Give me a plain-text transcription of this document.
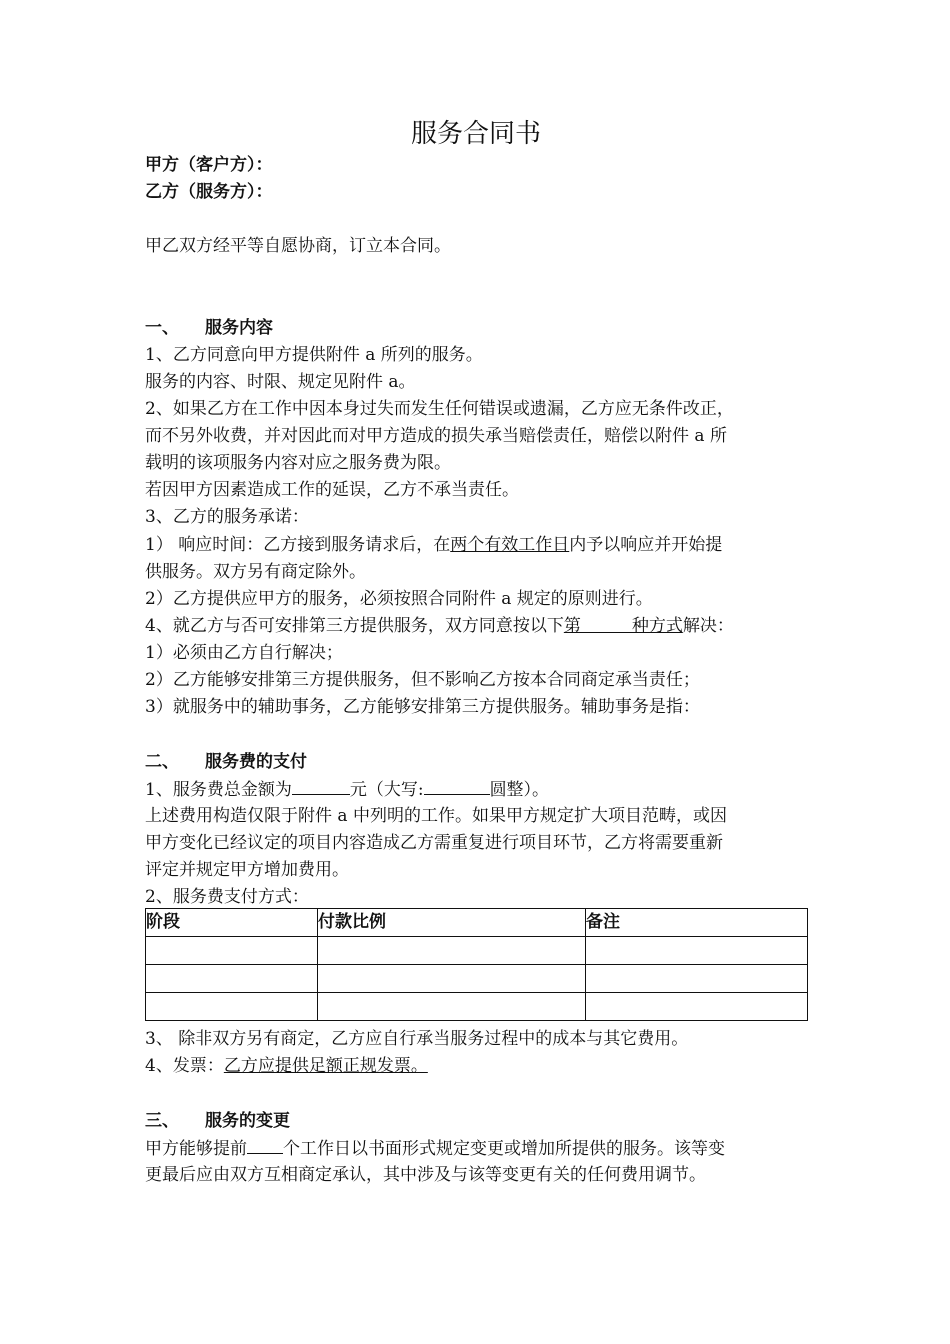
服务合同书
甲方（客户方）：
乙方（服务方）：
甲乙双方经平等自愿协商，订立本合同。
一、 服务内容
1、乙方同意向甲方提供附件 a 所列的服务。
服务的内容、时限、规定见附件 a。
2、如果乙方在工作中因本身过失而发生任何错误或遗漏，乙方应无条件改正，
而不另外收费，并对因此而对甲方造成的损失承当赔偿责任，赔偿以附件 a 所
载明的该项服务内容对应之服务费为限。
若因甲方因素造成工作的延误，乙方不承当责任。
3、乙方的服务承诺：
1） 响应时间：乙方接到服务请求后，在两个有效工作日内予以响应并开始提
供服务。双方另有商定除外。
2）乙方提供应甲方的服务，必须按照合同附件 a 规定的原则进行。
4、就乙方与否可安排第三方提供服务，双方同意按以下第　　　种方式解决：
1）必须由乙方自行解决；
2）乙方能够安排第三方提供服务，但不影响乙方按本合同商定承当责任；
3）就服务中的辅助事务，乙方能够安排第三方提供服务。辅助事务是指：
二、 服务费的支付
1、服务费总金额为	元（大写:	圆整）。
上述费用构造仅限于附件 a 中列明的工作。如果甲方规定扩大项目范畴，或因
甲方变化已经议定的项目内容造成乙方需重复进行项目环节，乙方将需要重新
评定并规定甲方增加费用。
2、服务费支付方式：
阶段	付款比例	备注

3、 除非双方另有商定，乙方应自行承当服务过程中的成本与其它费用。
4、发票：乙方应提供足额正规发票。
三、 服务的变更
甲方能够提前 个工作日以书面形式规定变更或增加所提供的服务。该等变
更最后应由双方互相商定承认，其中涉及与该等变更有关的任何费用调节。
